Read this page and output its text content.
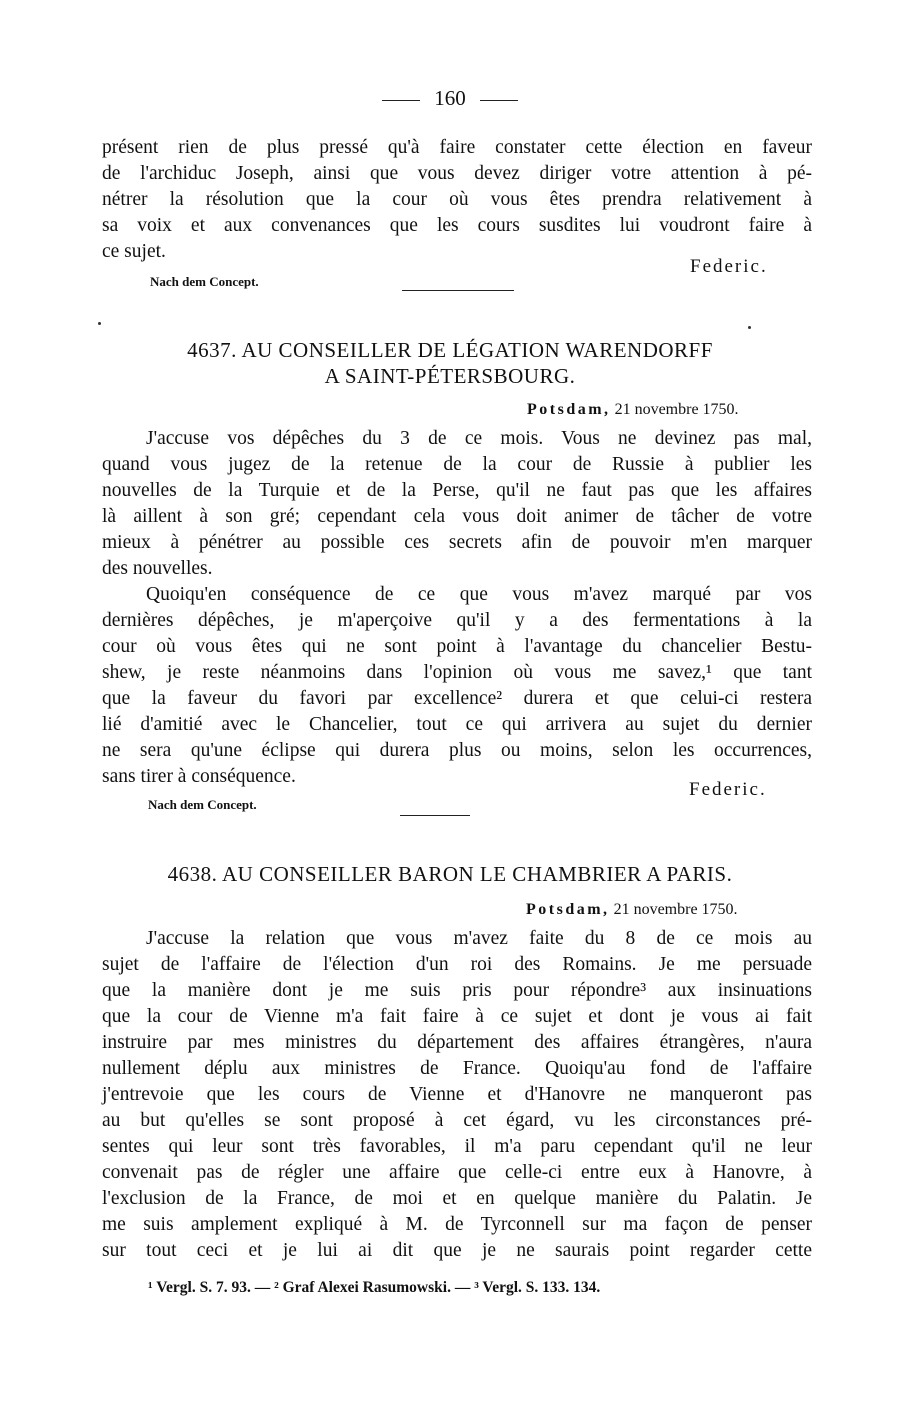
160
présent rien de plus pressé qu'à faire constater cette élection en faveur
de l'archiduc Joseph, ainsi que vous devez diriger votre attention à pé-
nétrer la résolution que la cour où vous êtes prendra relativement à
sa voix et aux convenances que les cours susdites lui voudront faire à
ce sujet.
Federic.
Nach dem Concept.
4637. AU CONSEILLER DE LÉGATION WARENDORFF
A SAINT-PÉTERSBOURG.
Potsdam, 21 novembre 1750.
J'accuse vos dépêches du 3 de ce mois. Vous ne devinez pas mal,
quand vous jugez de la retenue de la cour de Russie à publier les
nouvelles de la Turquie et de la Perse, qu'il ne faut pas que les affaires
là aillent à son gré; cependant cela vous doit animer de tâcher de votre
mieux à pénétrer au possible ces secrets afin de pouvoir m'en marquer
des nouvelles.
Quoiqu'en conséquence de ce que vous m'avez marqué par vos
dernières dépêches, je m'aperçoive qu'il y a des fermentations à la
cour où vous êtes qui ne sont point à l'avantage du chancelier Bestu-
shew, je reste néanmoins dans l'opinion où vous me savez,¹ que tant
que la faveur du favori par excellence² durera et que celui-ci restera
lié d'amitié avec le Chancelier, tout ce qui arrivera au sujet du dernier
ne sera qu'une éclipse qui durera plus ou moins, selon les occurrences,
sans tirer à conséquence.
Federic.
Nach dem Concept.
4638. AU CONSEILLER BARON LE CHAMBRIER A PARIS.
Potsdam, 21 novembre 1750.
J'accuse la relation que vous m'avez faite du 8 de ce mois au
sujet de l'affaire de l'élection d'un roi des Romains. Je me persuade
que la manière dont je me suis pris pour répondre³ aux insinuations
que la cour de Vienne m'a fait faire à ce sujet et dont je vous ai fait
instruire par mes ministres du département des affaires étrangères, n'aura
nullement déplu aux ministres de France. Quoiqu'au fond de l'affaire
j'entrevoie que les cours de Vienne et d'Hanovre ne manqueront pas
au but qu'elles se sont proposé à cet égard, vu les circonstances pré-
sentes qui leur sont très favorables, il m'a paru cependant qu'il ne leur
convenait pas de régler une affaire que celle-ci entre eux à Hanovre, à
l'exclusion de la France, de moi et en quelque manière du Palatin. Je
me suis amplement expliqué à M. de Tyrconnell sur ma façon de penser
sur tout ceci et je lui ai dit que je ne saurais point regarder cette
¹ Vergl. S. 7. 93. — ² Graf Alexei Rasumowski. — ³ Vergl. S. 133. 134.
